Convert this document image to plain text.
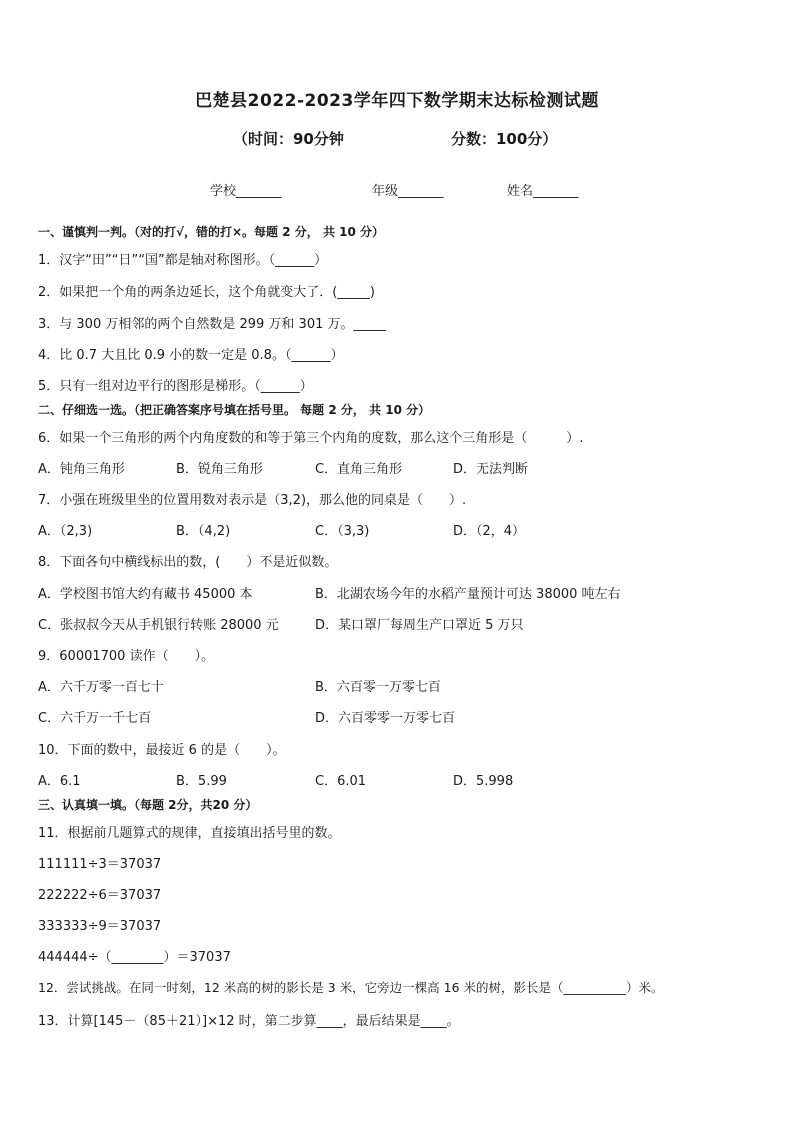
巴楚县2022-2023学年四下数学期末达标检测试题
（时间：90分钟	分数：100分）
学校_______	年级_______	姓名_______
一、谨慎判一判。（对的打√，错的打×。每题 2 分， 共 10 分）
1．汉字“田”“日”“国”都是轴对称图形。（______）
2．如果把一个角的两条边延长，这个角就变大了．(_____)
3．与 300 万相邻的两个自然数是 299 万和 301 万。_____
4．比 0.7 大且比 0.9 小的数一定是 0.8。（______）
5．只有一组对边平行的图形是梯形。（______）
二、仔细选一选。（把正确答案序号填在括号里。 每题 2 分， 共 10 分）
6．如果一个三角形的两个内角度数的和等于第三个内角的度数，那么这个三角形是（　　　）.
A．钝角三角形	B．锐角三角形	C．直角三角形	D．无法判断
7．小强在班级里坐的位置用数对表示是（3,2)，那么他的同桌是（　　）.
A．（2,3)	B．（4,2)	C．（3,3)	D．（2，4）
8．下面各句中横线标出的数，(　　）不是近似数。
A．学校图书馆大约有藏书 45000 本	B．北湖农场今年的水稻产量预计可达 38000 吨左右
C．张叔叔今天从手机银行转账 28000 元	D．某口罩厂每周生产口罩近 5 万只
9．60001700 读作（　　）。
A．六千万零一百七十	B．六百零一万零七百
C．六千万一千七百	D．六百零零一万零七百
10．下面的数中，最接近 6 的是（　　）。
A．6.1	B．5.99	C．6.01	D．5.998
三、认真填一填。（每题 2分，共20 分）
11．根据前几题算式的规律，直接填出括号里的数。
111111÷3＝37037
222222÷6＝37037
333333÷9＝37037
444444÷（________）＝37037
12．尝试挑战。在同一时刻，12 米高的树的影长是 3 米，它旁边一棵高 16 米的树，影长是（__________）米。
13．计算[145－（85＋21）]×12 时，第二步算____，最后结果是____。
